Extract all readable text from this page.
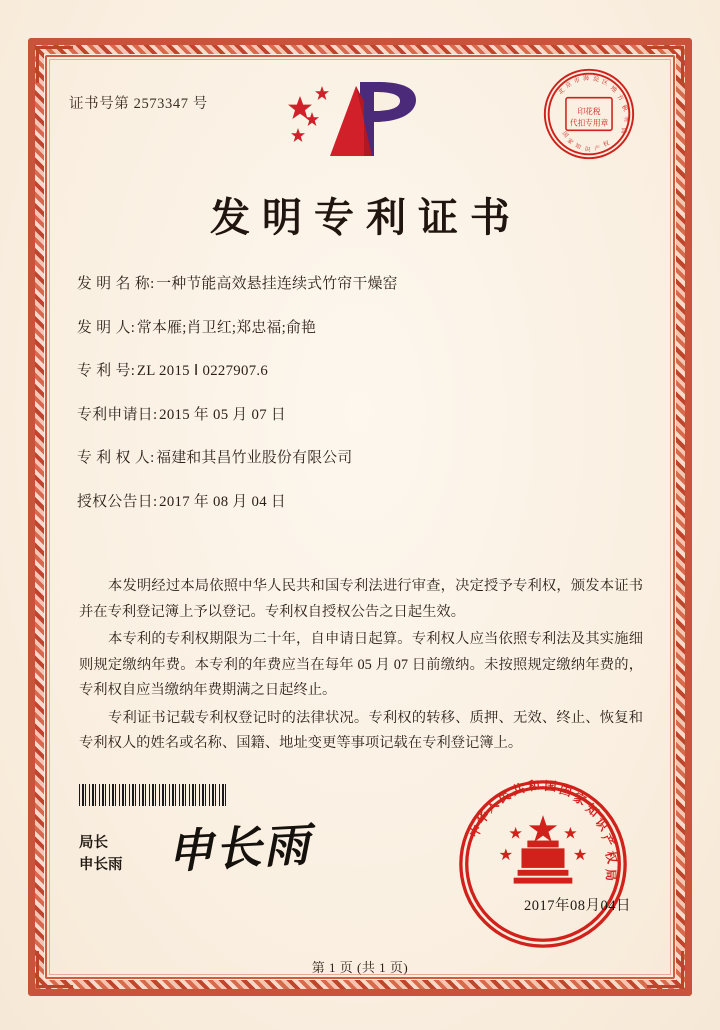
证书号第 2573347 号	印花税
代扣专用章
北
京 市 海 淀 区
地
方
税
务
局
国
家
知 识 产
权
发明专利证书
发 明 名 称 : 一种节能高效悬挂连续式竹帘干燥窑
发 明 人 : 常本雁;肖卫红;郑忠福;俞艳
专 利 号 : ZL 2015 Ⅰ 0227907.6
专利申请日 : 2015 年 05 月 07 日
专 利 权 人 : 福建和其昌竹业股份有限公司
授权公告日 : 2017 年 08 月 04 日

本发明经过本局依照中华人民共和国专利法进行审查，决定授予专利权，颁发本证书并在专利登记簿上予以登记。专利权自授权公告之日起生效。

本专利的专利权期限为二十年，自申请日起算。专利权人应当依照专利法及其实施细则规定缴纳年费。本专利的年费应当在每年 05 月 07 日前缴纳。未按照规定缴纳年费的，专利权自应当缴纳年费期满之日起终止。

专利证书记载专利权登记时的法律状况。专利权的转移、质押、无效、终止、恢复和专利权人的姓名或名称、国籍、地址变更等事项记载在专利登记簿上。

局长
申长雨 申长雨	中
华
人
民
共 和 国 国
家
知
识
产
权
局
2017年08月04日
第 1 页 (共 1 页)
